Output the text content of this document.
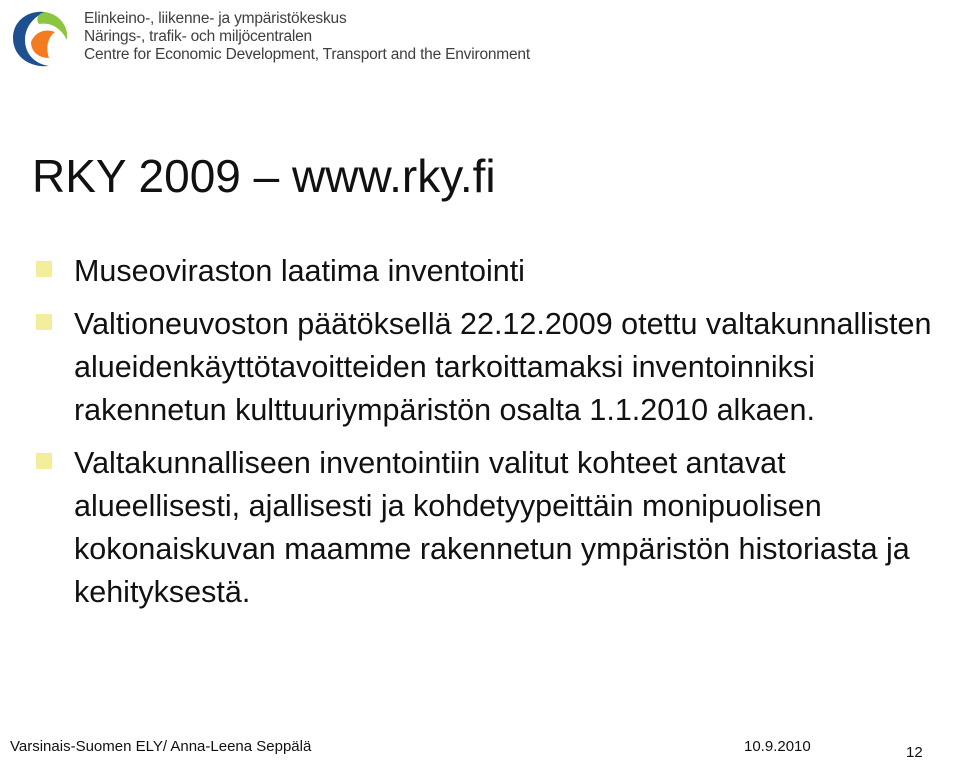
Elinkeino-, liikenne- ja ympäristökeskus
Närings-, trafik- och miljöcentralen
Centre for Economic Development, Transport and the Environment
RKY 2009 – www.rky.fi
Museoviraston laatima inventointi
Valtioneuvoston päätöksellä 22.12.2009 otettu valtakunnallisten alueidenkäyttötavoitteiden tarkoittamaksi inventoinniksi rakennetun kulttuuriympäristön osalta 1.1.2010 alkaen.
Valtakunnalliseen inventointiin valitut kohteet antavat alueellisesti, ajallisesti ja kohdetyypeittäin monipuolisen kokonaiskuvan maamme rakennetun ympäristön historiasta ja kehityksestä.
Varsinais-Suomen ELY/ Anna-Leena Seppälä	10.9.2010	12
